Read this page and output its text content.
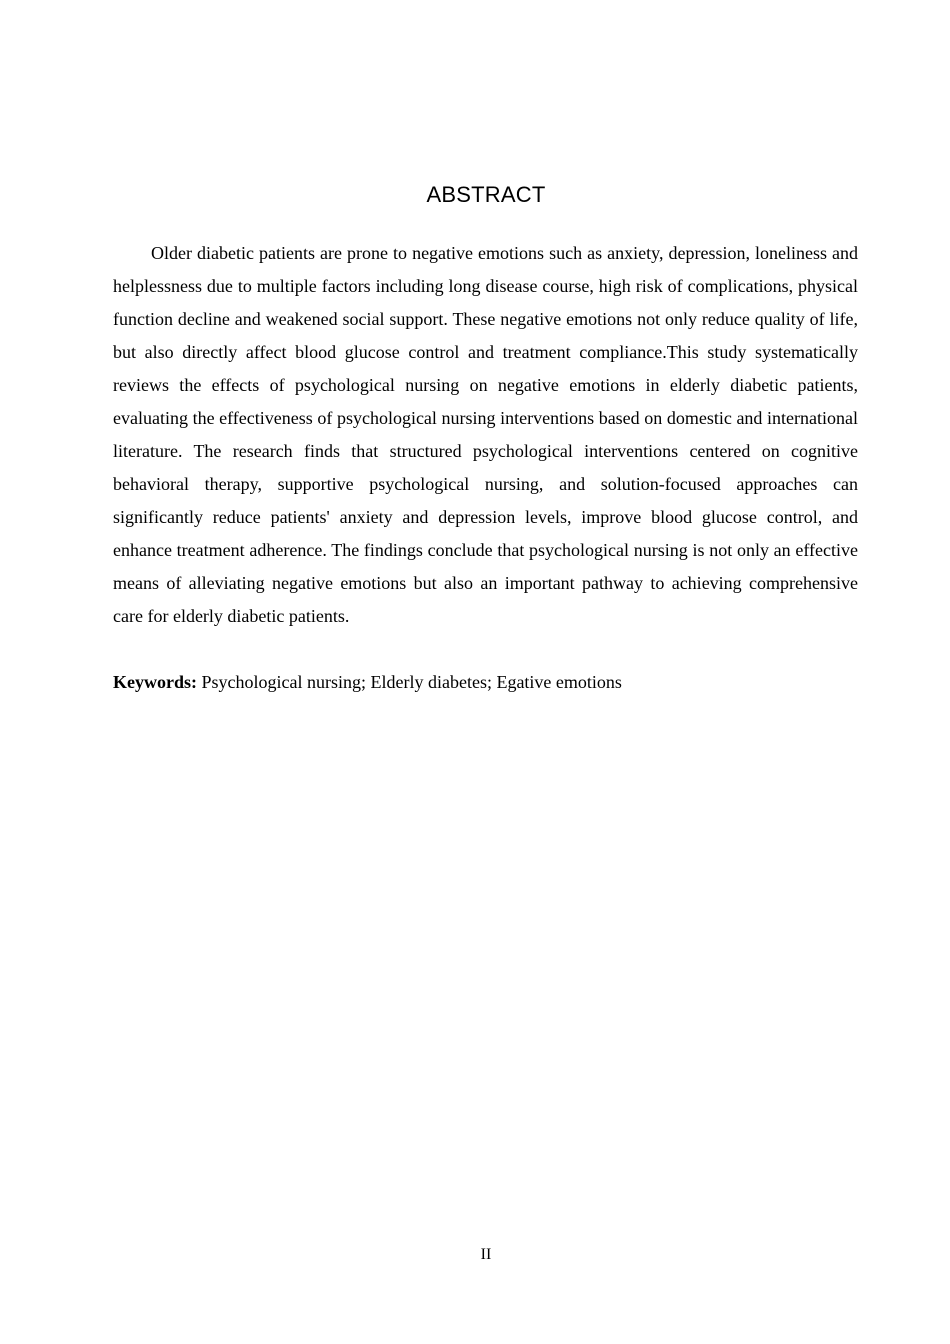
ABSTRACT

Older diabetic patients are prone to negative emotions such as anxiety, depression, loneliness and helplessness due to multiple factors including long disease course, high risk of complications, physical function decline and weakened social support. These negative emotions not only reduce quality of life, but also directly affect blood glucose control and treatment compliance.This study systematically reviews the effects of psychological nursing on negative emotions in elderly diabetic patients, evaluating the effectiveness of psychological nursing interventions based on domestic and international literature. The research finds that structured psychological interventions centered on cognitive behavioral therapy, supportive psychological nursing, and solution-focused approaches can significantly reduce patients' anxiety and depression levels, improve blood glucose control, and enhance treatment adherence. The findings conclude that psychological nursing is not only an effective means of alleviating negative emotions but also an important pathway to achieving comprehensive care for elderly diabetic patients.

Keywords: Psychological nursing; Elderly diabetes; Egative emotions

II
